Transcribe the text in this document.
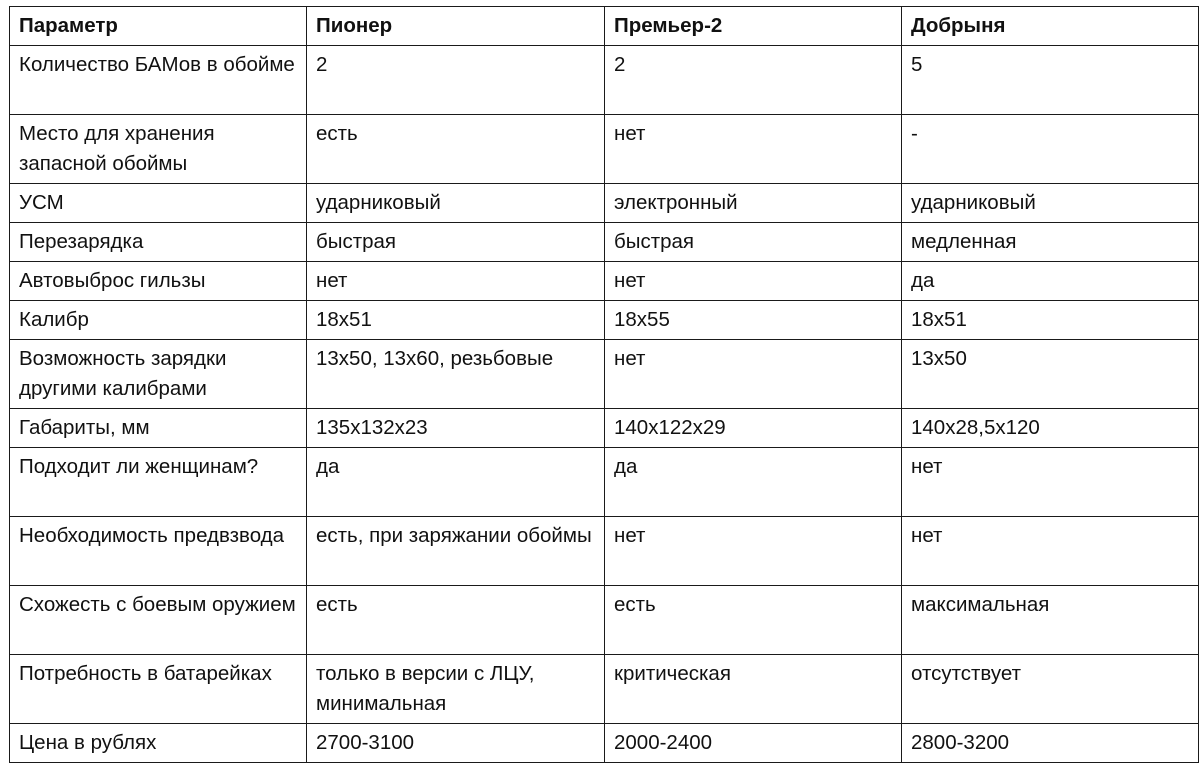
Параметр	Пионер	Премьер-2	Добрыня
Количество БАМов в обойме	2	2	5
Место для хранения запасной обоймы	есть	нет	-
УСМ	ударниковый	электронный	ударниковый
Перезарядка	быстрая	быстрая	медленная
Автовыброс гильзы	нет	нет	да
Калибр	18x51	18x55	18x51
Возможность зарядки другими калибрами	13x50, 13x60, резьбовые	нет	13x50
Габариты, мм	135x132x23	140x122x29	140x28,5x120
Подходит ли женщинам?	да	да	нет
Необходимость предвзвода	есть, при заряжании обоймы	нет	нет
Схожесть с боевым оружием	есть	есть	максимальная
Потребность в батарейках	только в версии с ЛЦУ, минимальная	критическая	отсутствует
Цена в рублях	2700-3100	2000-2400	2800-3200
